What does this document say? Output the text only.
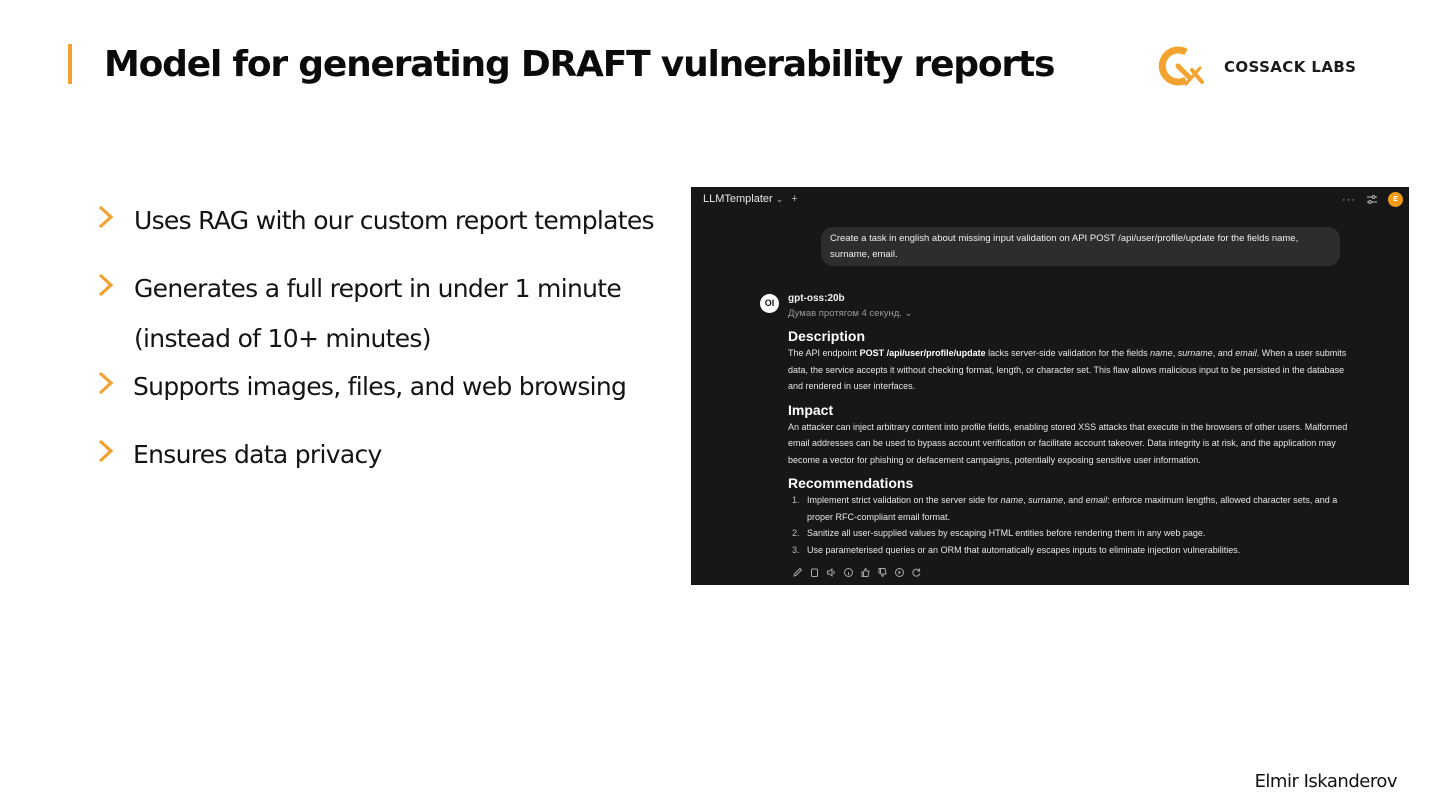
Model for generating DRAFT vulnerability reports	COSSACK LABS
Uses RAG with our custom report templates
Generates a full report in under 1 minute
(instead of 10+ minutes)
Supports images, files, and web browsing
Ensures data privacy
LLMTemplater ⌄ +	···	E
Create a task in english about missing input validation on API POST /api/user/profile/update for the fields name, surname, email.
OI	gpt-oss:20b
Думав протягом 4 секунд. ⌄
Description
The API endpoint POST /api/user/profile/update lacks server-side validation for the fields name, surname, and email. When a user submits data, the service accepts it without checking format, length, or character set. This flaw allows malicious input to be persisted in the database and rendered in user interfaces.
Impact
An attacker can inject arbitrary content into profile fields, enabling stored XSS attacks that execute in the browsers of other users. Malformed email addresses can be used to bypass account verification or facilitate account takeover. Data integrity is at risk, and the application may become a vector for phishing or defacement campaigns, potentially exposing sensitive user information.
Recommendations
1. Implement strict validation on the server side for name, surname, and email: enforce maximum lengths, allowed character sets, and a proper RFC-compliant email format.
2. Sanitize all user-supplied values by escaping HTML entities before rendering them in any web page.
3. Use parameterised queries or an ORM that automatically escapes inputs to eliminate injection vulnerabilities.
Elmir Iskanderov
